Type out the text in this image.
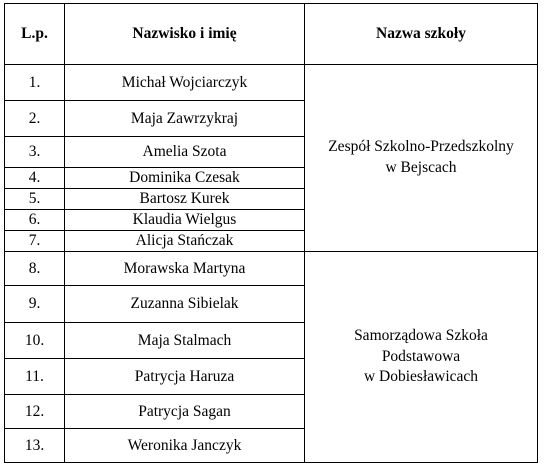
L.p.	Nazwisko i imię	Nazwa szkoły
1.	Michał Wojciarczyk	Zespół Szkolno-Przedszkolny
w Bejscach

2.	Maja Zawrzykraj	
3.	Amelia Szota	
4.	Dominika Czesak	
5.	Bartosz Kurek	
6.	Klaudia Wielgus	
7.	Alicja Stańczak	
8.	Morawska Martyna	Samorządowa Szkoła
Podstawowa
w Dobiesławicach

9.	Zuzanna Sibielak	
10.	Maja Stalmach	
11.	Patrycja Haruza	
12.	Patrycja Sagan	
13.	Weronika Janczyk	
